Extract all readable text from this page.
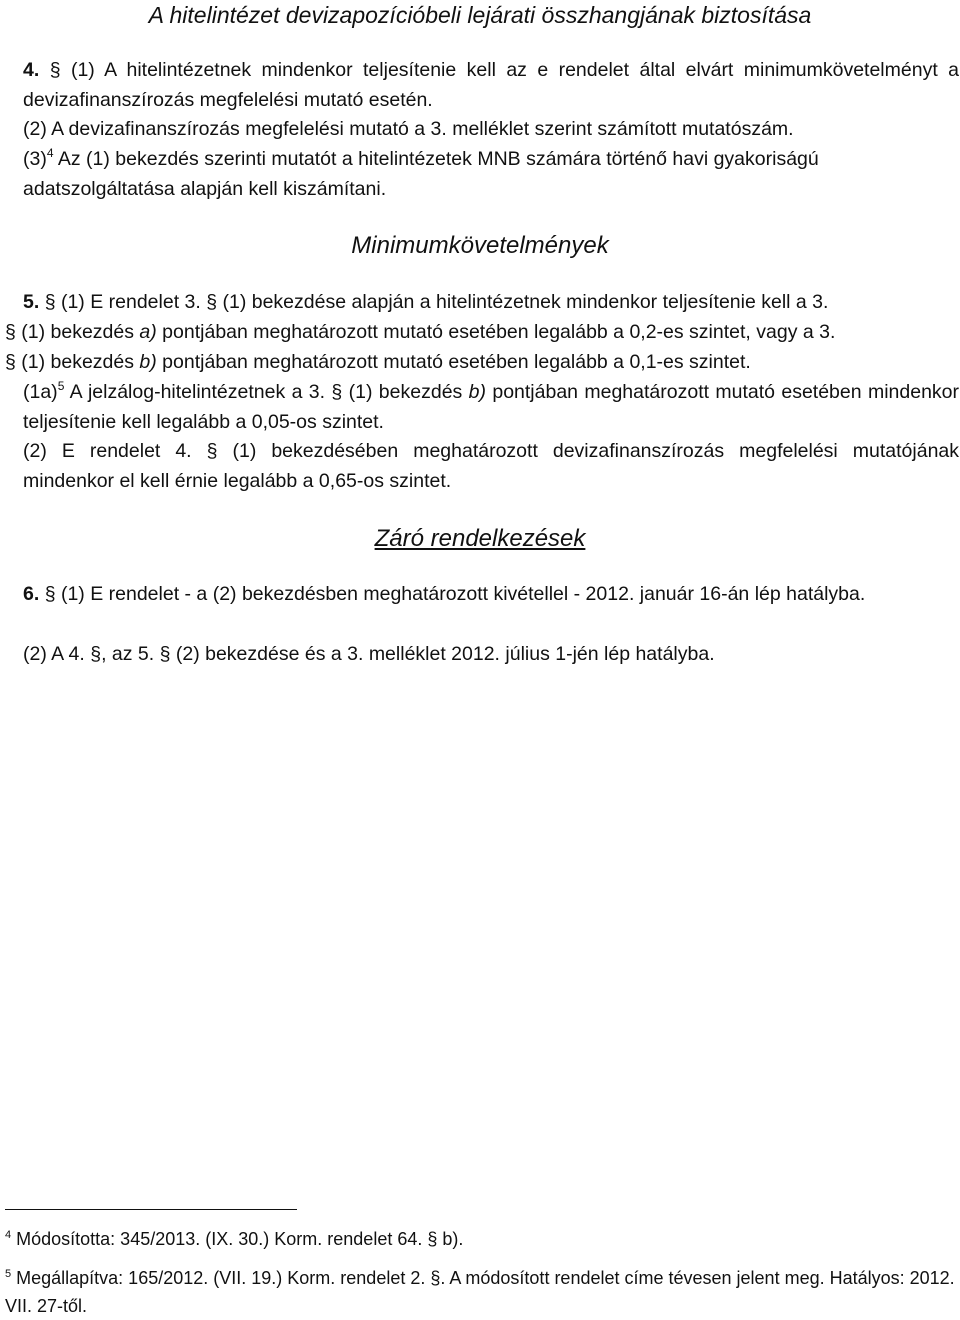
A hitelintézet devizapozícióbeli lejárati összhangjának biztosítása

4. § (1) A hitelintézetnek mindenkor teljesítenie kell az e rendelet által elvárt minimumkövetelményt a devizafinanszírozás megfelelési mutató esetén.

(2) A devizafinanszírozás megfelelési mutató a 3. melléklet szerint számított mutatószám.

$(3)^4$ Az (1) bekezdés szerinti mutatót a hitelintézetek MNB számára történő havi gyakoriságú adatszolgáltatása alapján kell kiszámítani.

Minimumkövetelmények

5. § (1) E rendelet 3. § (1) bekezdése alapján a hitelintézetnek mindenkor teljesítenie kell a 3.

§ (1) bekezdés a) pontjában meghatározott mutató esetében legalább a 0,2-es szintet, vagy a 3.

§ (1) bekezdés b) pontjában meghatározott mutató esetében legalább a 0,1-es szintet.

$(1a)^5$ A jelzálog-hitelintézetnek a 3. § (1) bekezdés b) pontjában meghatározott mutató esetében mindenkor teljesítenie kell legalább a 0,05-os szintet.

(2) E rendelet 4. § (1) bekezdésében meghatározott devizafinanszírozás megfelelési mutatójának mindenkor el kell érnie legalább a 0,65-os szintet.

Záró rendelkezések

6. § (1) E rendelet - a (2) bekezdésben meghatározott kivétellel - 2012. január 16-án lép hatályba.

(2) A 4. §, az 5. § (2) bekezdése és a 3. melléklet 2012. július 1-jén lép hatályba.

$^4$ Módosította: 345/2013. (IX. 30.) Korm. rendelet 64. § b).

$^5$ Megállapítva: 165/2012. (VII. 19.) Korm. rendelet 2. §. A módosított rendelet címe tévesen jelent meg. Hatályos: 2012. VII. 27-től.
